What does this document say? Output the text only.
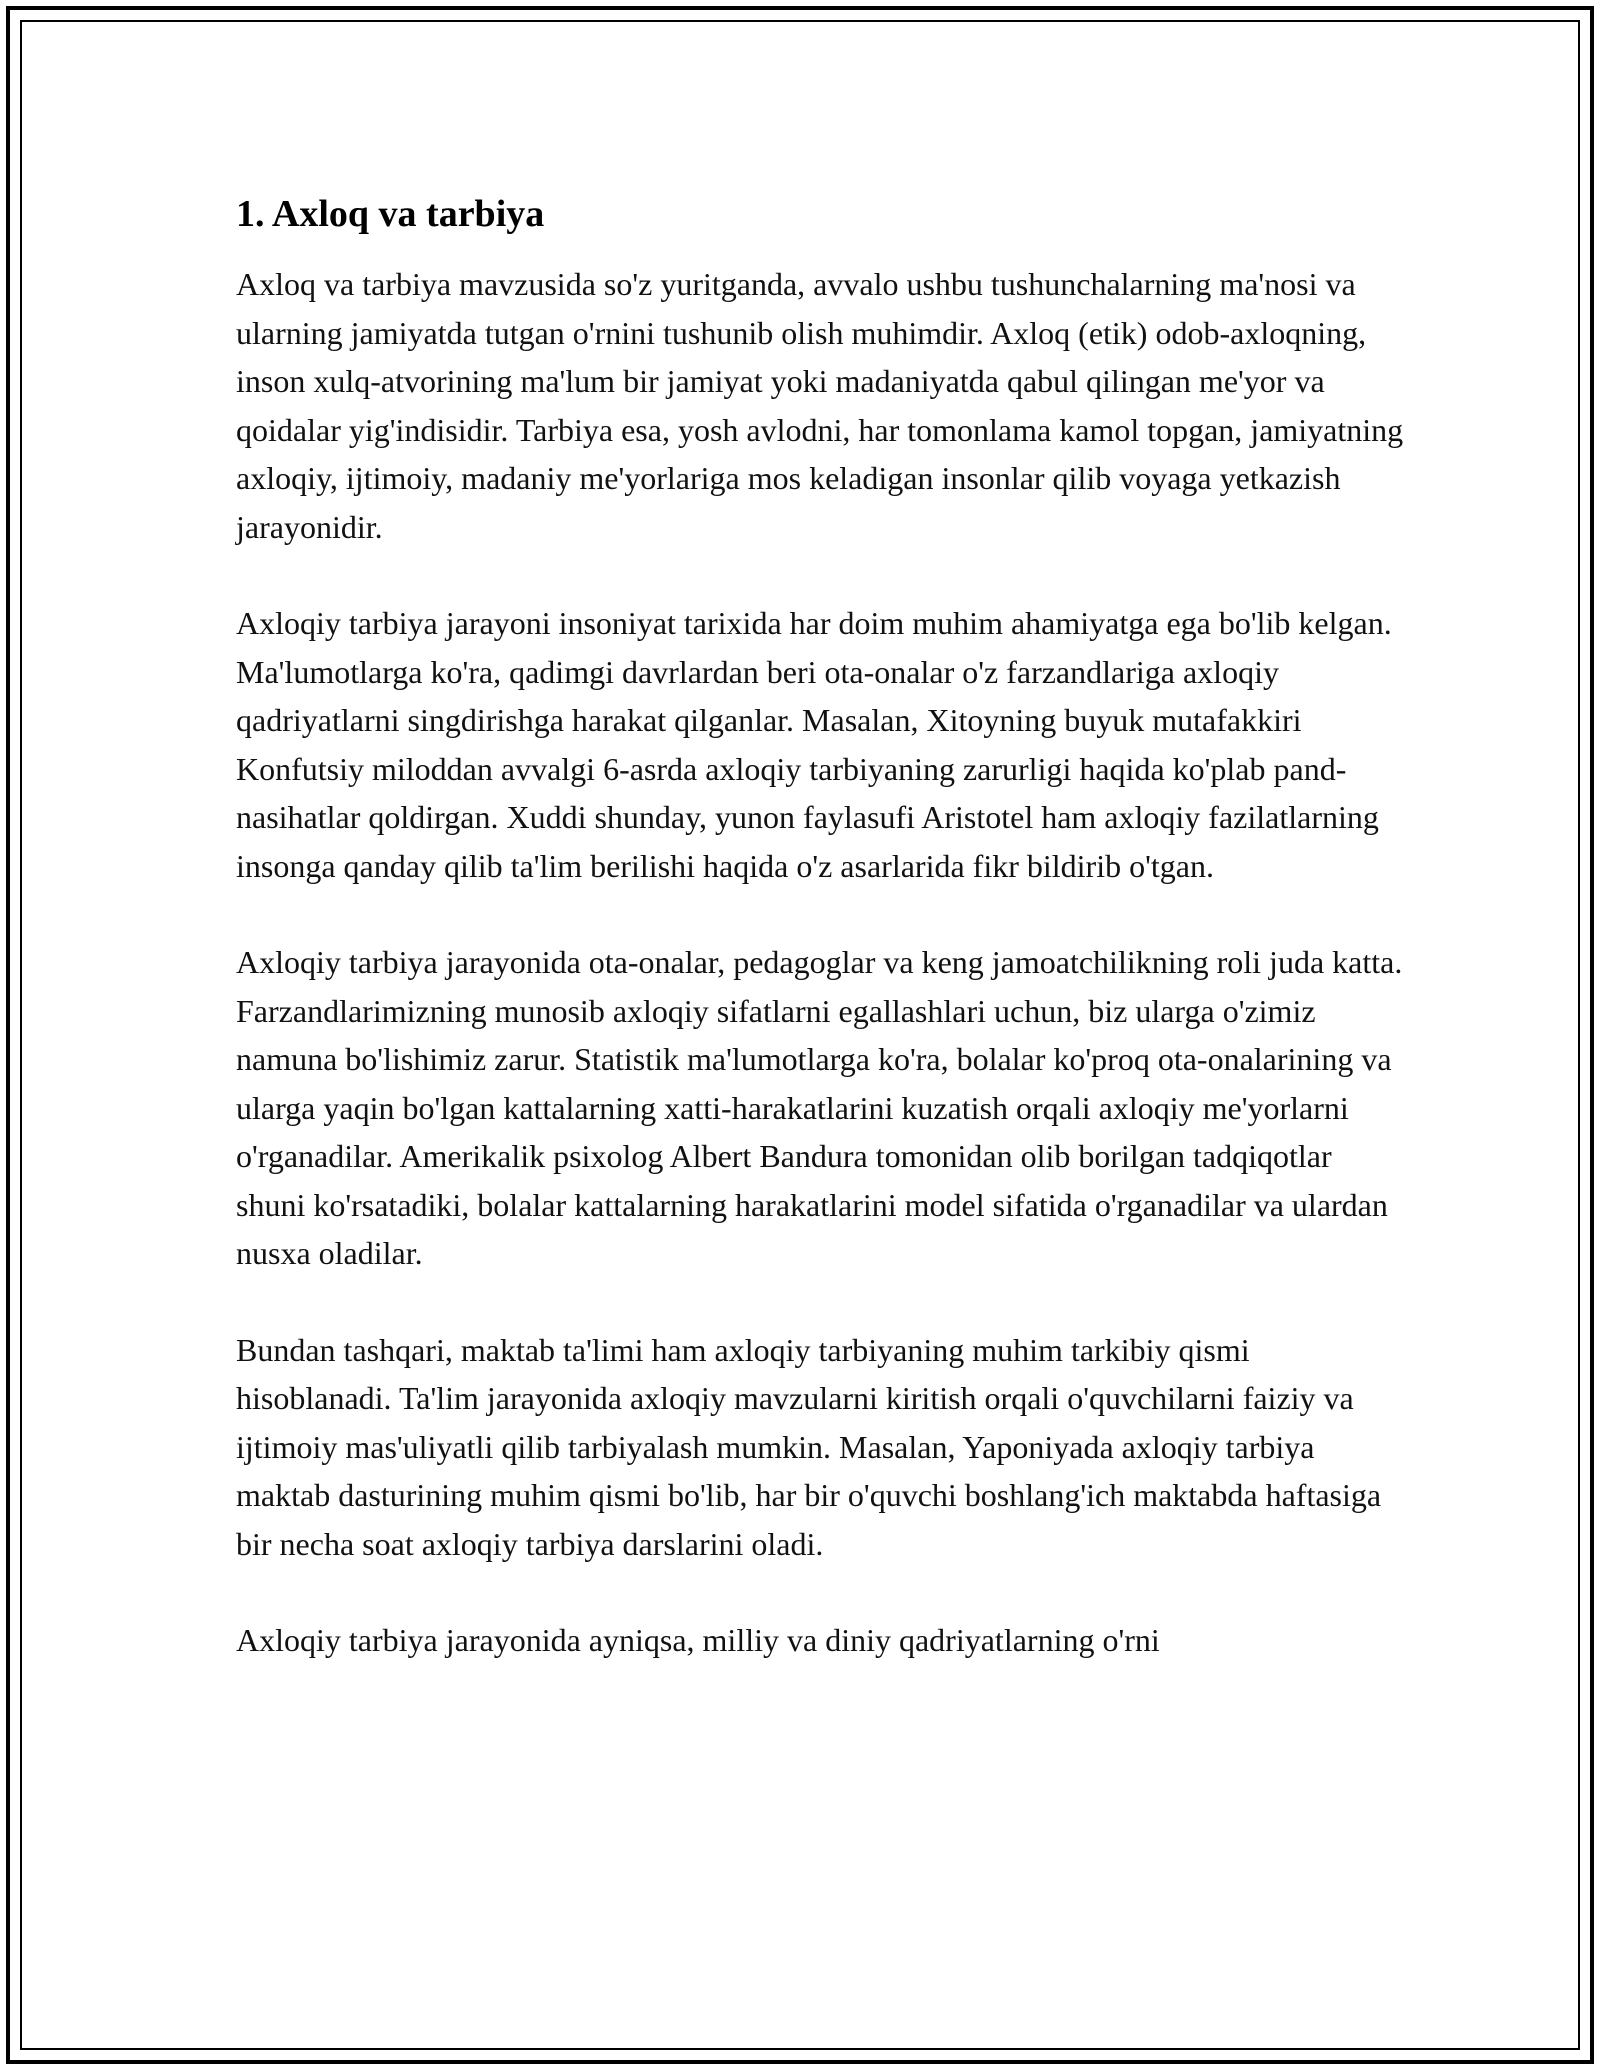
1. Axloq va tarbiya

Axloq va tarbiya mavzusida so'z yuritganda, avvalo ushbu tushunchalarning ma'nosi va ularning jamiyatda tutgan o'rnini tushunib olish muhimdir. Axloq (etik) odob-axloqning, inson xulq-atvorining ma'lum bir jamiyat yoki madaniyatda qabul qilingan me'yor va qoidalar yig'indisidir. Tarbiya esa, yosh avlodni, har tomonlama kamol topgan, jamiyatning axloqiy, ijtimoiy, madaniy me'yorlariga mos keladigan insonlar qilib voyaga yetkazish jarayonidir.

Axloqiy tarbiya jarayoni insoniyat tarixida har doim muhim ahamiyatga ega bo'lib kelgan. Ma'lumotlarga ko'ra, qadimgi davrlardan beri ota-onalar o'z farzandlariga axloqiy qadriyatlarni singdirishga harakat qilganlar. Masalan, Xitoyning buyuk mutafakkiri Konfutsiy miloddan avvalgi 6-asrda axloqiy tarbiyaning zarurligi haqida ko'plab pand-nasihatlar qoldirgan. Xuddi shunday, yunon faylasufi Aristotel ham axloqiy fazilatlarning insonga qanday qilib ta'lim berilishi haqida o'z asarlarida fikr bildirib o'tgan.

Axloqiy tarbiya jarayonida ota-onalar, pedagoglar va keng jamoatchilikning roli juda katta. Farzandlarimizning munosib axloqiy sifatlarni egallashlari uchun, biz ularga o'zimiz namuna bo'lishimiz zarur. Statistik ma'lumotlarga ko'ra, bolalar ko'proq ota-onalarining va ularga yaqin bo'lgan kattalarning xatti-harakatlarini kuzatish orqali axloqiy me'yorlarni o'rganadilar. Amerikalik psixolog Albert Bandura tomonidan olib borilgan tadqiqotlar shuni ko'rsatadiki, bolalar kattalarning harakatlarini model sifatida o'rganadilar va ulardan nusxa oladilar.

Bundan tashqari, maktab ta'limi ham axloqiy tarbiyaning muhim tarkibiy qismi hisoblanadi. Ta'lim jarayonida axloqiy mavzularni kiritish orqali o'quvchilarni faiziy va ijtimoiy mas'uliyatli qilib tarbiyalash mumkin. Masalan, Yaponiyada axloqiy tarbiya maktab dasturining muhim qismi bo'lib, har bir o'quvchi boshlang'ich maktabda haftasiga bir necha soat axloqiy tarbiya darslarini oladi.

Axloqiy tarbiya jarayonida ayniqsa, milliy va diniy qadriyatlarning o'rni
